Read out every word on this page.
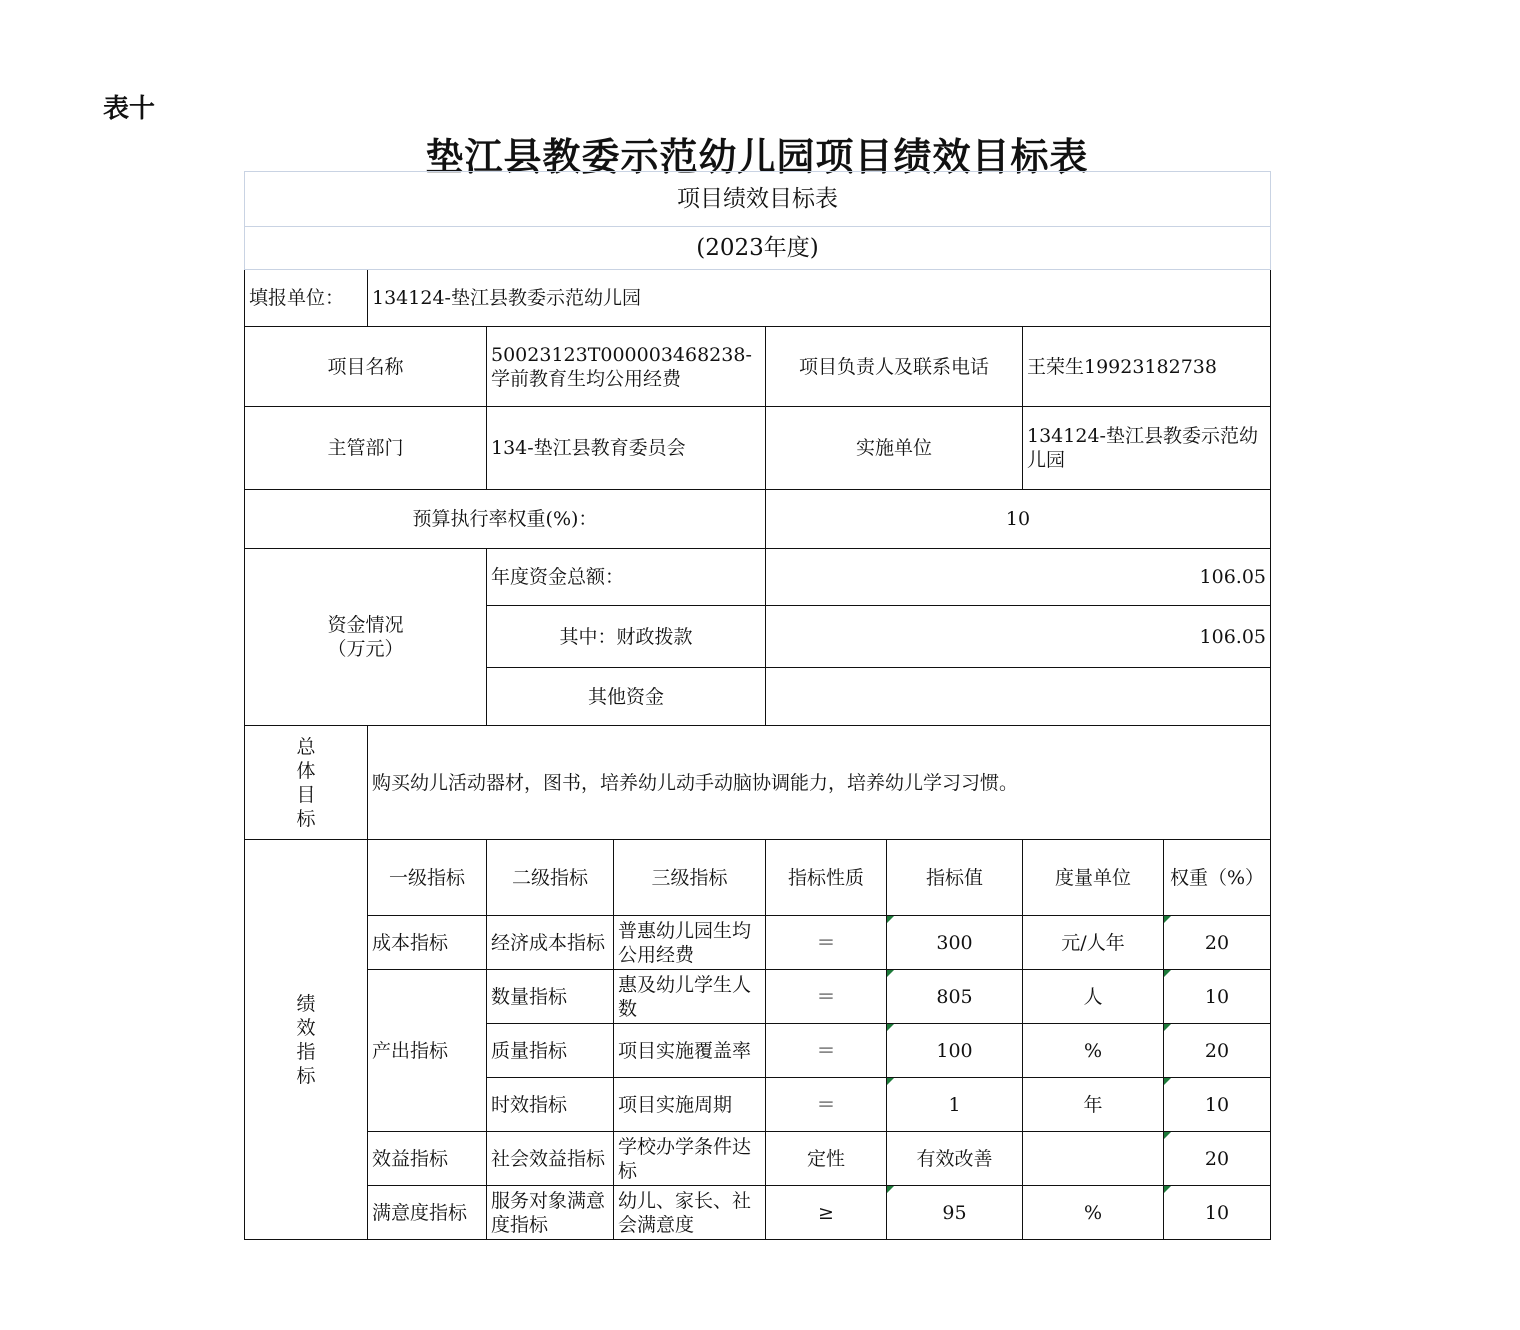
表十
垫江县教委示范幼儿园项目绩效目标表
项目绩效目标表							
(2023年度)							
填报单位：	134124-垫江县教委示范幼儿园						
项目名称		50023123T000003468238-学前教育生均公用经费		项目负责人及联系电话		王荣生19923182738	
主管部门		134-垫江县教育委员会		实施单位		134124-垫江县教委示范幼儿园	
预算执行率权重(%)：				10			
资金情况
（万元）		年度资金总额：		106.05			
		其中：财政拨款		106.05			
		其他资金					
总
体
目
标	购买幼儿活动器材，图书，培养幼儿动手动脑协调能力，培养幼儿学习习惯。						
绩
效
指
标	一级指标	二级指标	三级指标	指标性质	指标值	度量单位	权重（%）
	成本指标	经济成本指标	普惠幼儿园生均公用经费	＝	300	元/人年	20
	产出指标	数量指标	惠及幼儿学生人数	＝	805	人	10
		质量指标	项目实施覆盖率	＝	100	%	20
		时效指标	项目实施周期	＝	1	年	10
	效益指标	社会效益指标	学校办学条件达标	定性	有效改善		20
	满意度指标	服务对象满意度指标	幼儿、家长、社会满意度	≥	95	%	10
